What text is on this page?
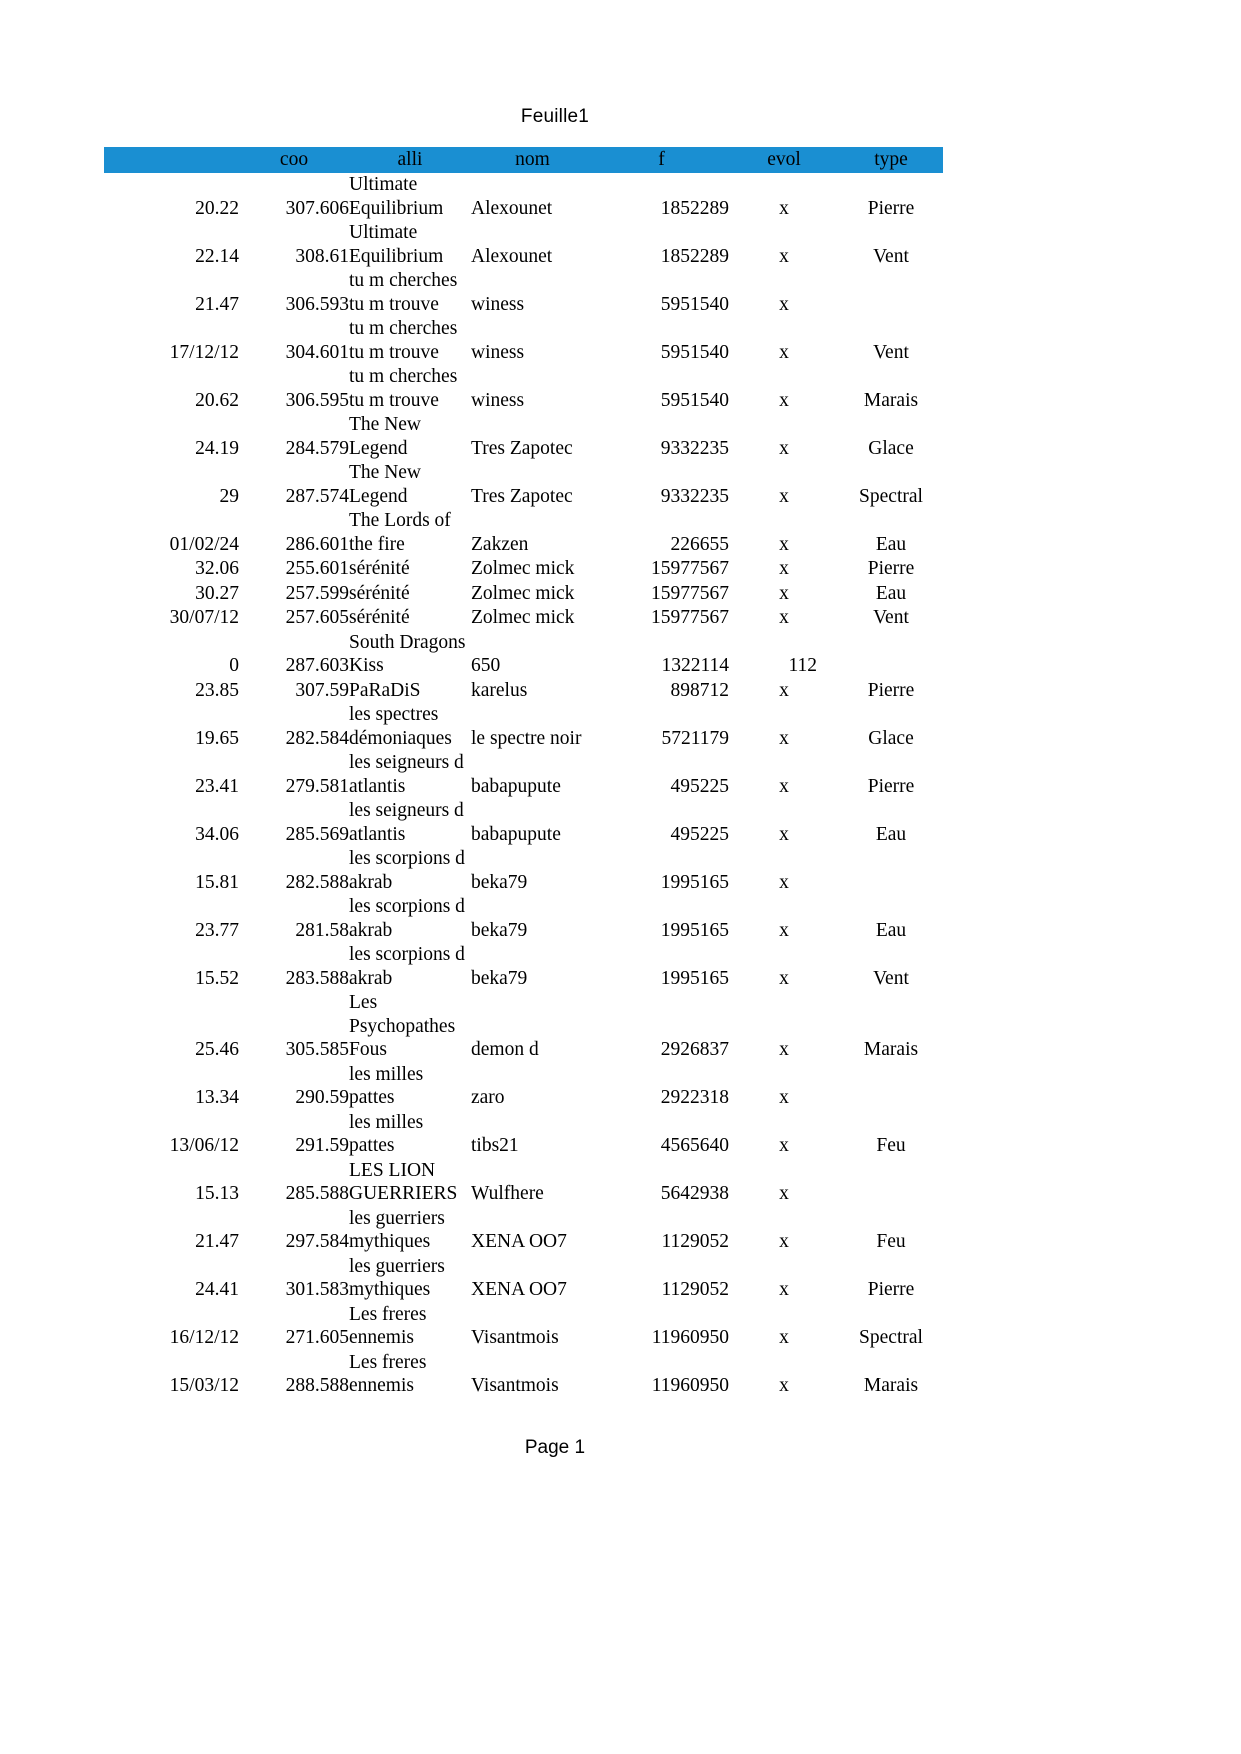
Feuille1
	coo	alli	nom	f	evol	type
20.22	307.606	Ultimate Equilibrium	Alexounet	1852289	x	Pierre
22.14	308.61	Ultimate Equilibrium	Alexounet	1852289	x	Vent
21.47	306.593	tu m cherches tu m trouve	winess	5951540	x	
17/12/12	304.601	tu m cherches tu m trouve	winess	5951540	x	Vent
20.62	306.595	tu m cherches tu m trouve	winess	5951540	x	Marais
24.19	284.579	The New Legend	Tres Zapotec	9332235	x	Glace
29	287.574	The New Legend	Tres Zapotec	9332235	x	Spectral
01/02/24	286.601	The Lords of the fire	Zakzen	226655	x	Eau
32.06	255.601	sérénité	Zolmec mick	15977567	x	Pierre
30.27	257.599	sérénité	Zolmec mick	15977567	x	Eau
30/07/12	257.605	sérénité	Zolmec mick	15977567	x	Vent
0	287.603	South Dragons Kiss	650	1322114	112	
23.85	307.59	PaRaDiS	karelus	898712	x	Pierre
19.65	282.584	les spectres démoniaques	le spectre noir	5721179	x	Glace
23.41	279.581	les seigneurs d atlantis	babapupute	495225	x	Pierre
34.06	285.569	les seigneurs d atlantis	babapupute	495225	x	Eau
15.81	282.588	les scorpions d akrab	beka79	1995165	x	
23.77	281.58	les scorpions d akrab	beka79	1995165	x	Eau
15.52	283.588	les scorpions d akrab	beka79	1995165	x	Vent
25.46	305.585	Les Psychopathes Fous	demon d	2926837	x	Marais
13.34	290.59	les milles pattes	zaro	2922318	x	
13/06/12	291.59	les milles pattes	tibs21	4565640	x	Feu
15.13	285.588	LES LION GUERRIERS	Wulfhere	5642938	x	
21.47	297.584	les guerriers mythiques	XENA OO7	1129052	x	Feu
24.41	301.583	les guerriers mythiques	XENA OO7	1129052	x	Pierre
16/12/12	271.605	Les freres ennemis	Visantmois	11960950	x	Spectral
15/03/12	288.588	Les freres ennemis	Visantmois	11960950	x	Marais
Page 1
